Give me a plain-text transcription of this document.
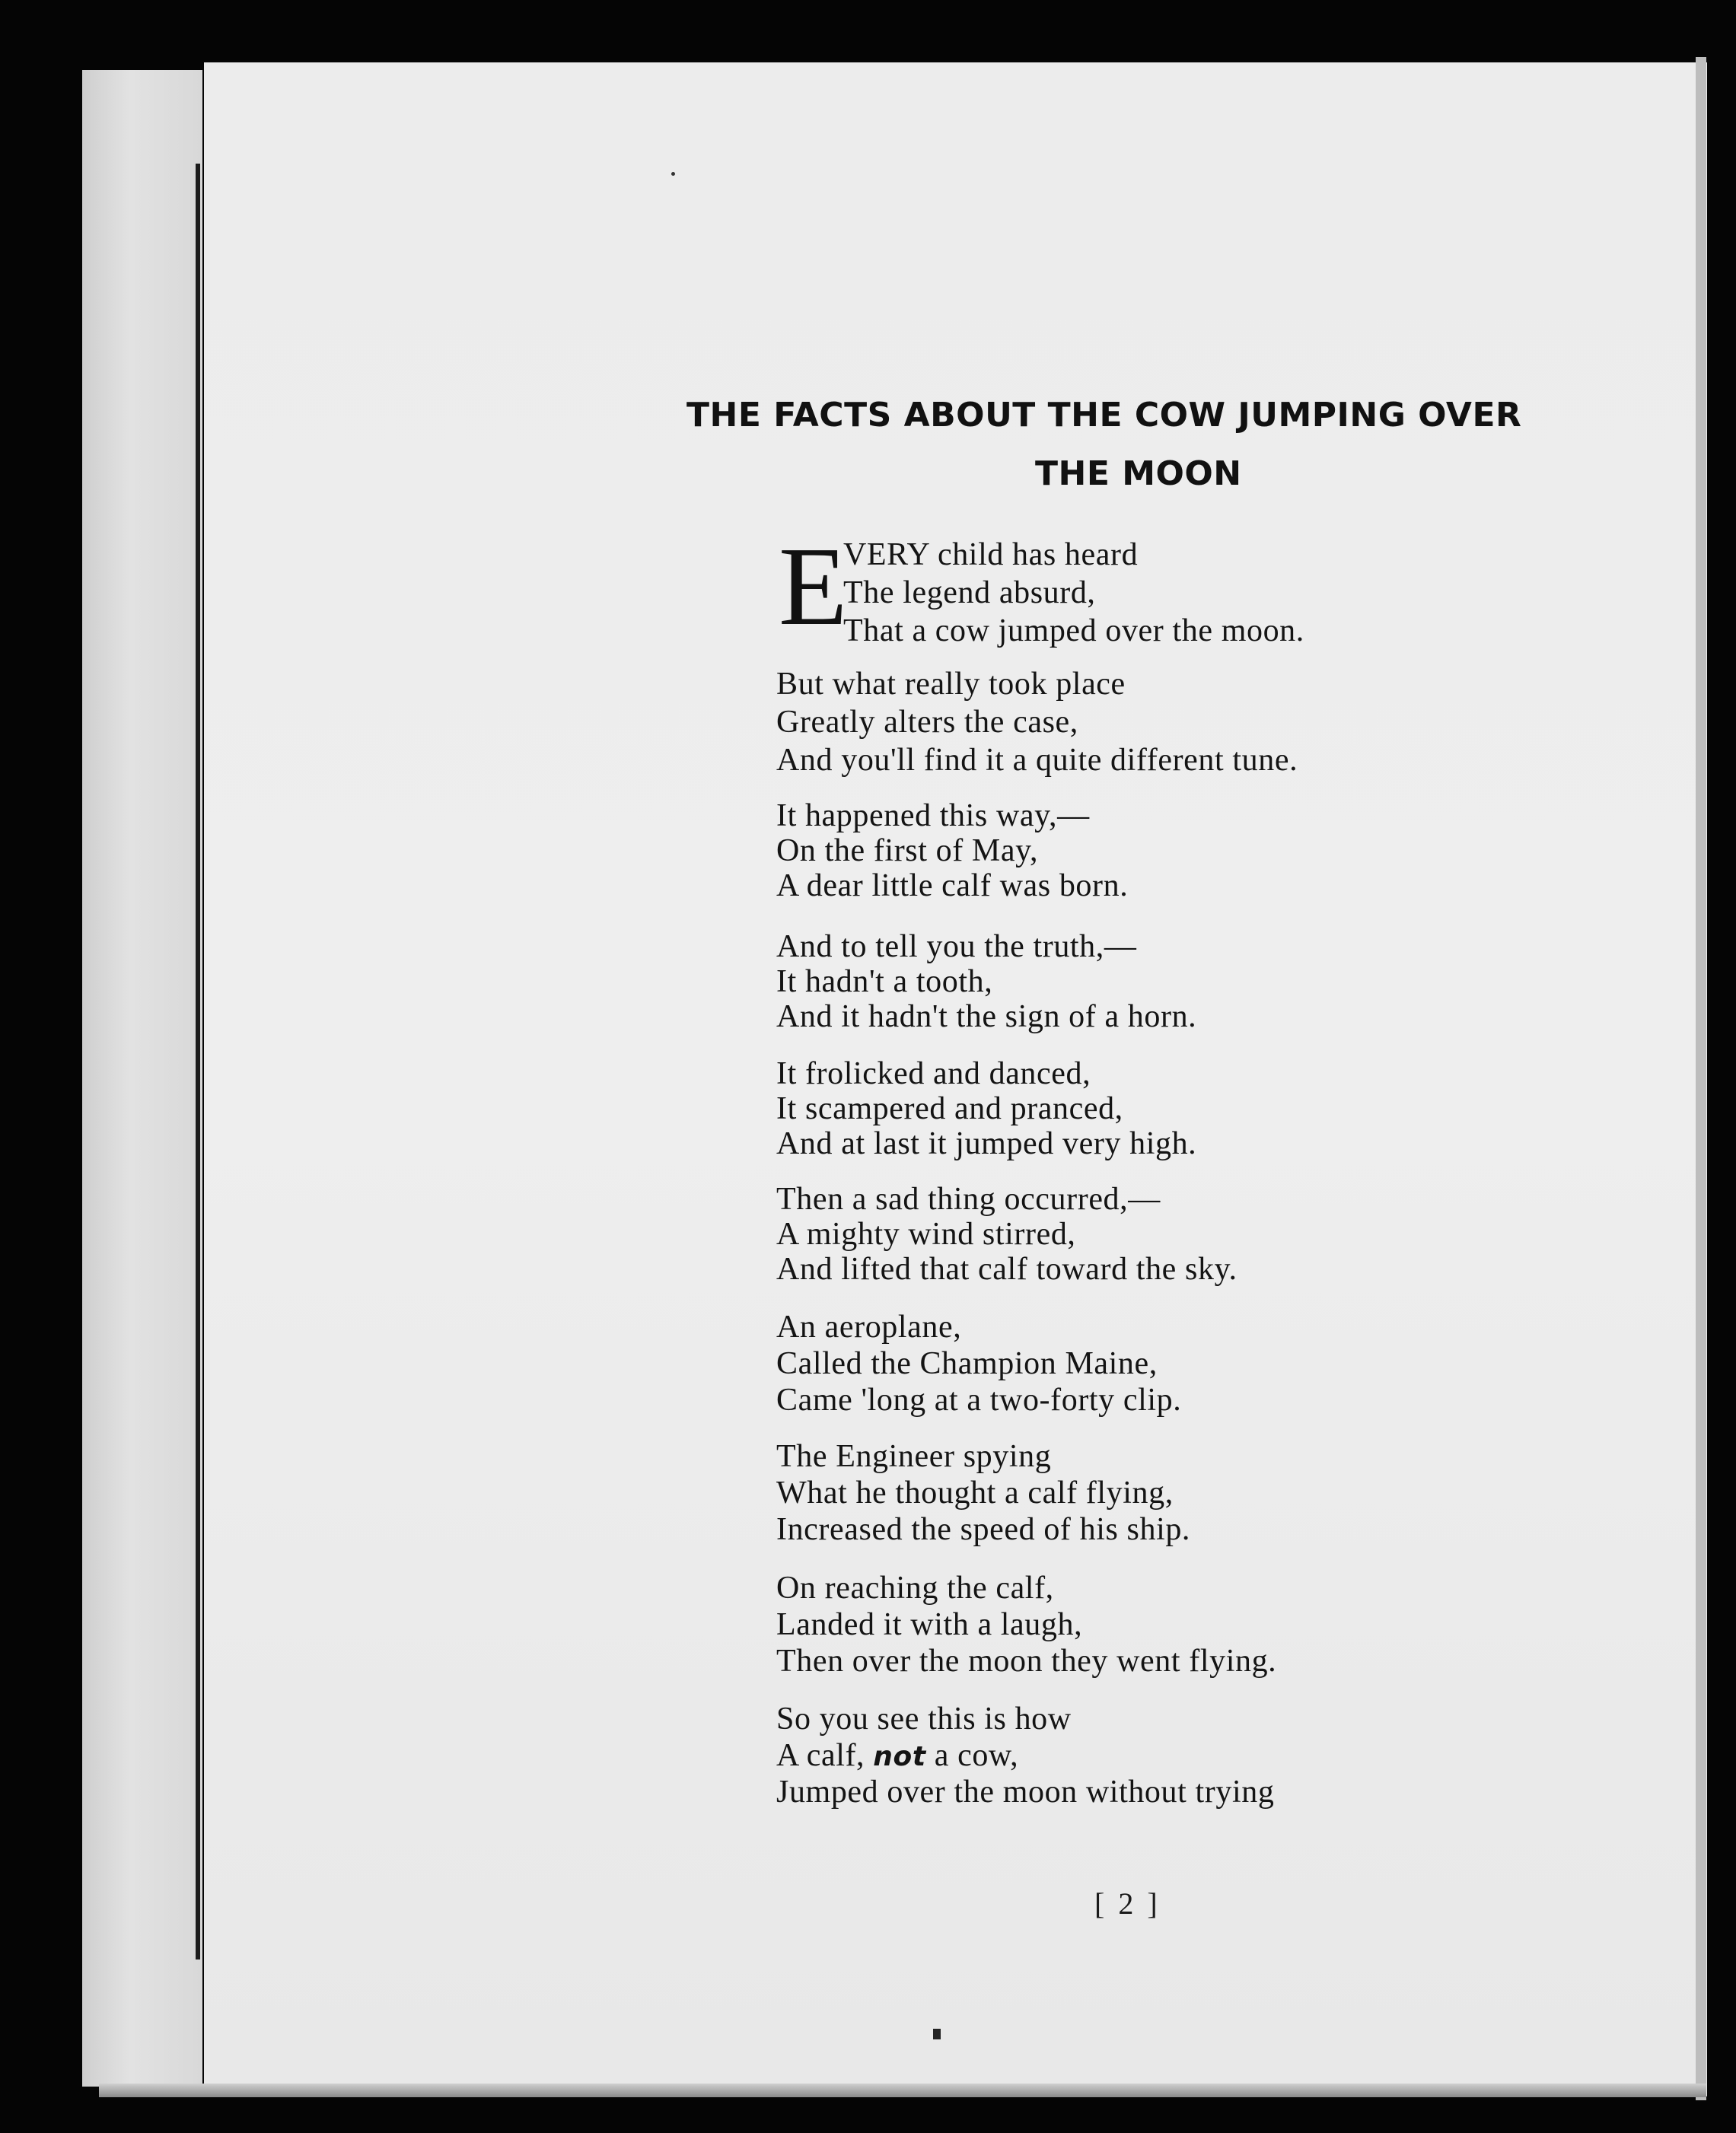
THE FACTS ABOUT THE COW JUMPING OVER
THE MOON
E
VERY child has heard
The legend absurd,
That a cow jumped over the moon.
But what really took place
Greatly alters the case,
And you'll find it a quite different tune.
It happened this way,—
On the first of May,
A dear little calf was born.
And to tell you the truth,—
It hadn't a tooth,
And it hadn't the sign of a horn.
It frolicked and danced,
It scampered and pranced,
And at last it jumped very high.
Then a sad thing occurred,—
A mighty wind stirred,
And lifted that calf toward the sky.
An aeroplane,
Called the Champion Maine,
Came 'long at a two-forty clip.
The Engineer spying
What he thought a calf flying,
Increased the speed of his ship.
On reaching the calf,
Landed it with a laugh,
Then over the moon they went flying.
So you see this is how
A calf, not a cow,
Jumped over the moon without trying
[ 2 ]
